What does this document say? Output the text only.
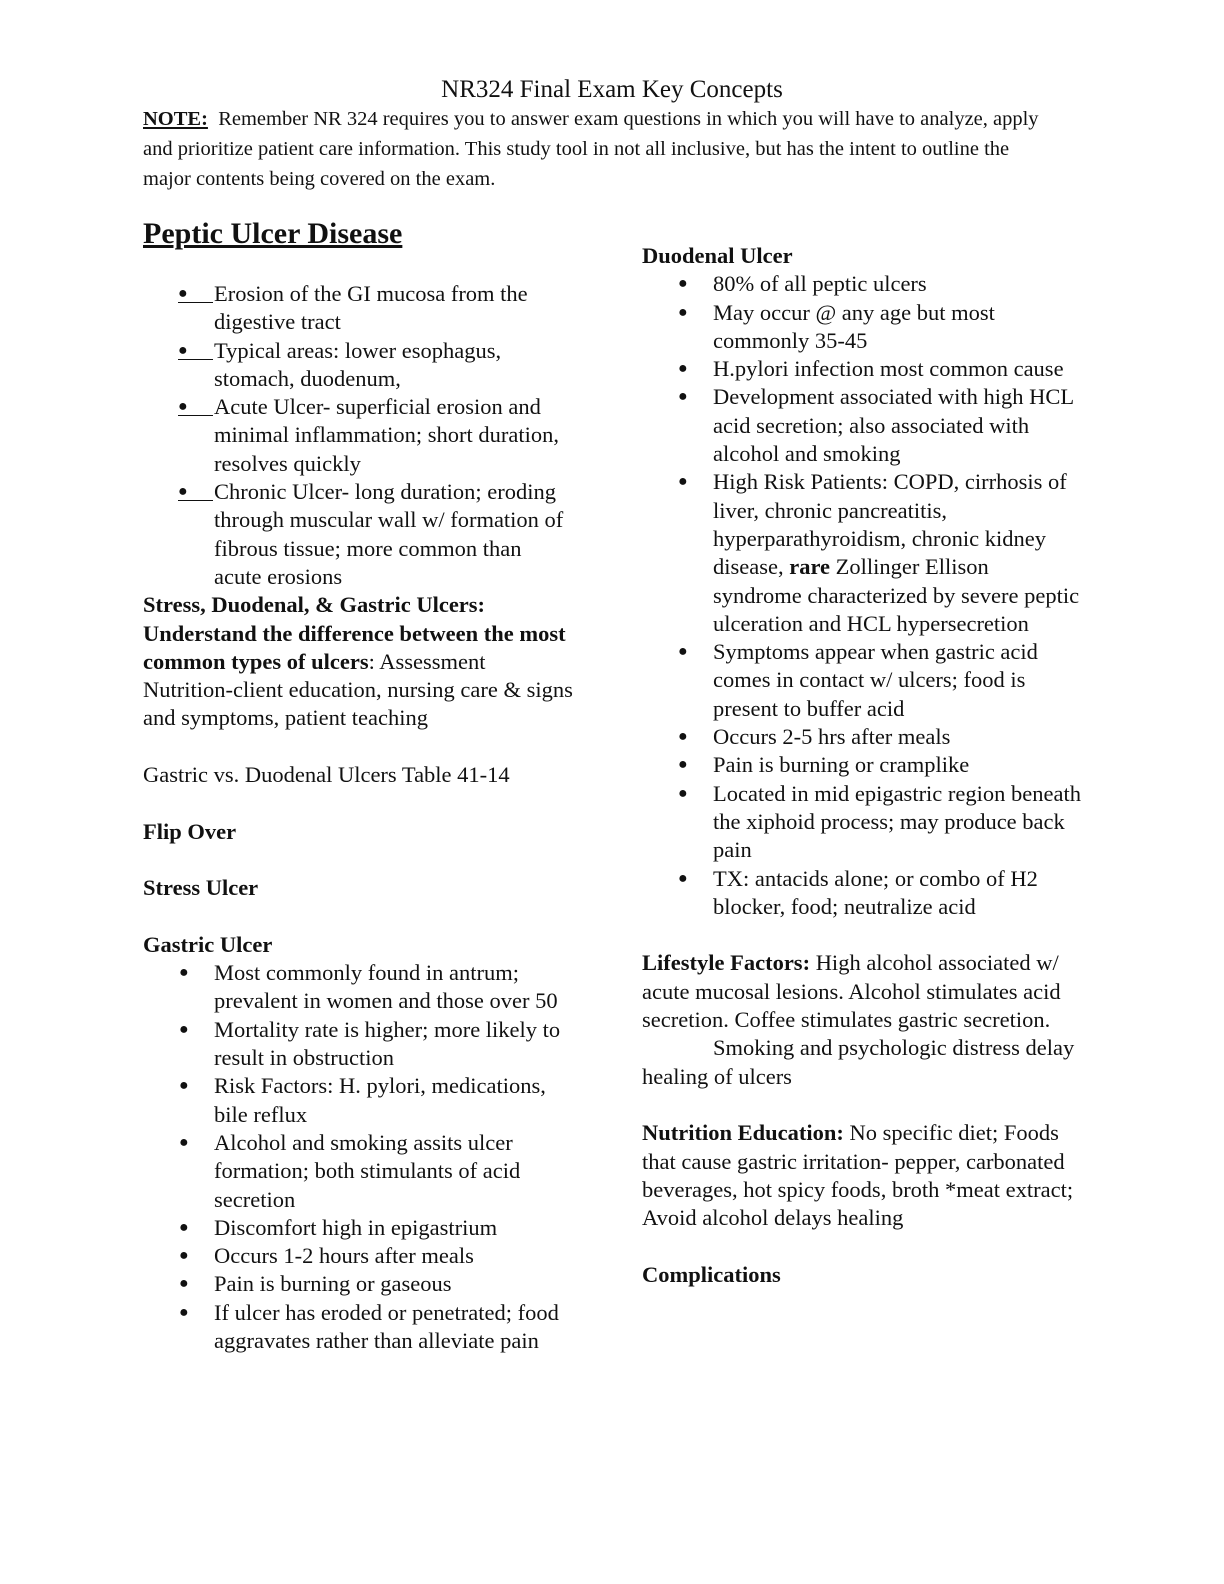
NR324 Final Exam Key Concepts
NOTE: Remember NR 324 requires you to answer exam questions in which you will have to analyze, apply and prioritize patient care information. This study tool in not all inclusive, but has the intent to outline the major contents being covered on the exam.
Peptic Ulcer Disease
●	Erosion of the GI mucosa from the digestive tract
●	Typical areas: lower esophagus, stomach, duodenum,
●	Acute Ulcer- superficial erosion and minimal inflammation; short duration, resolves quickly
●	Chronic Ulcer- long duration; eroding through muscular wall w/ formation of fibrous tissue; more common than acute erosions

Stress, Duodenal, & Gastric Ulcers: Understand the difference between the most common types of ulcers: Assessment Nutrition-client education, nursing care & signs and symptoms, patient teaching

Gastric vs. Duodenal Ulcers Table 41-14

Flip Over

Stress Ulcer

Gastric Ulcer

● Most commonly found in antrum; prevalent in women and those over 50
● Mortality rate is higher; more likely to result in obstruction
● Risk Factors: H. pylori, medications, bile reflux
● Alcohol and smoking assits ulcer formation; both stimulants of acid secretion
● Discomfort high in epigastrium
● Occurs 1-2 hours after meals
● Pain is burning or gaseous
● If ulcer has eroded or penetrated; food aggravates rather than alleviate pain

Duodenal Ulcer

● 80% of all peptic ulcers
● May occur @ any age but most commonly 35-45
● H.pylori infection most common cause
● Development associated with high HCL acid secretion; also associated with alcohol and smoking
● High Risk Patients: COPD, cirrhosis of liver, chronic pancreatitis, hyperparathyroidism, chronic kidney disease, rare Zollinger Ellison syndrome characterized by severe peptic ulceration and HCL hypersecretion
● Symptoms appear when gastric acid comes in contact w/ ulcers; food is present to buffer acid
● Occurs 2-5 hrs after meals
● Pain is burning or cramplike
● Located in mid epigastric region beneath the xiphoid process; may produce back pain
● TX: antacids alone; or combo of H2 blocker, food; neutralize acid

Lifestyle Factors: High alcohol associated w/ acute mucosal lesions. Alcohol stimulates acid secretion. Coffee stimulates gastric secretion.

Smoking and psychologic distress delay healing of ulcers

Nutrition Education: No specific diet; Foods that cause gastric irritation- pepper, carbonated beverages, hot spicy foods, broth *meat extract; Avoid alcohol delays healing

Complications
